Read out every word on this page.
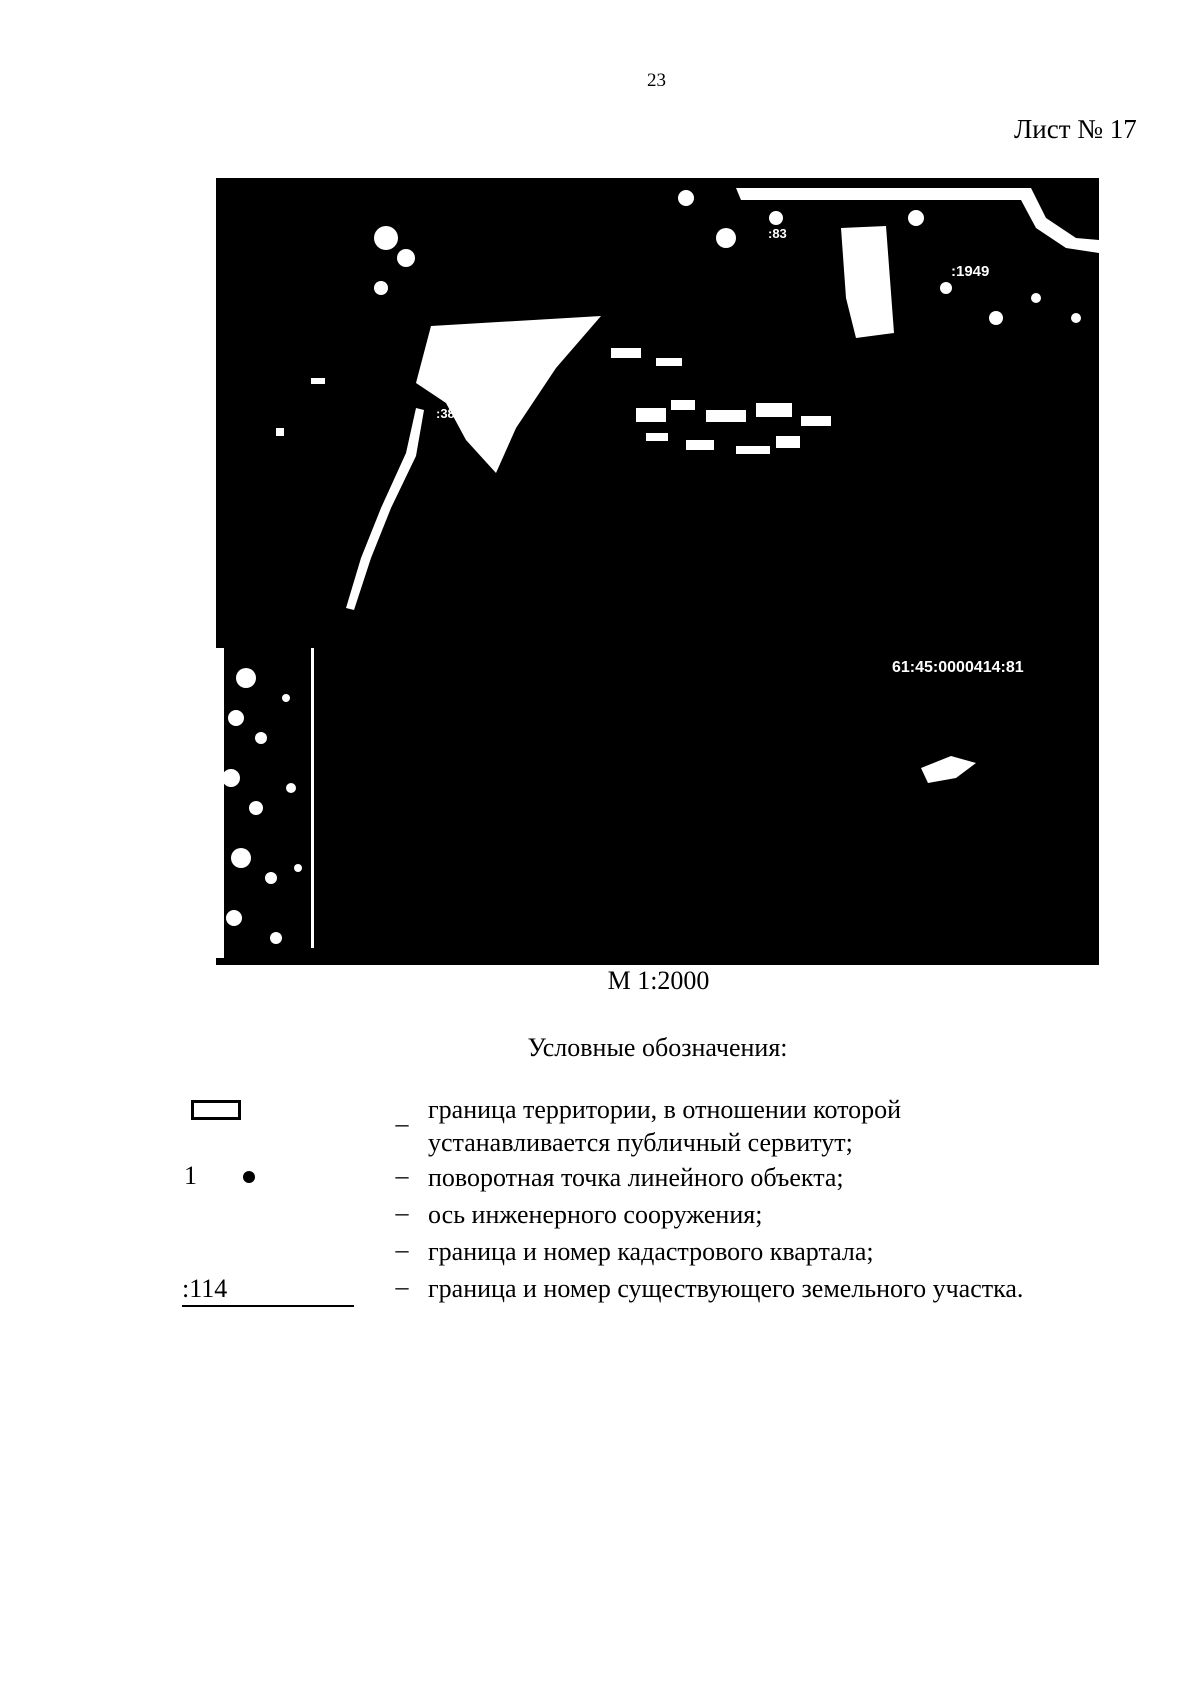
23
Лист № 17
:83
:1949
:38
61:45:0000414:81
М 1:2000
Условные обозначения:
– граница территории, в отношении которой
устанавливается публичный сервитут;
1	– поворотная точка линейного объекта;
– ось инженерного сооружения;
– граница и номер кадастрового квартала;
:114	– граница и номер существующего земельного участка.
